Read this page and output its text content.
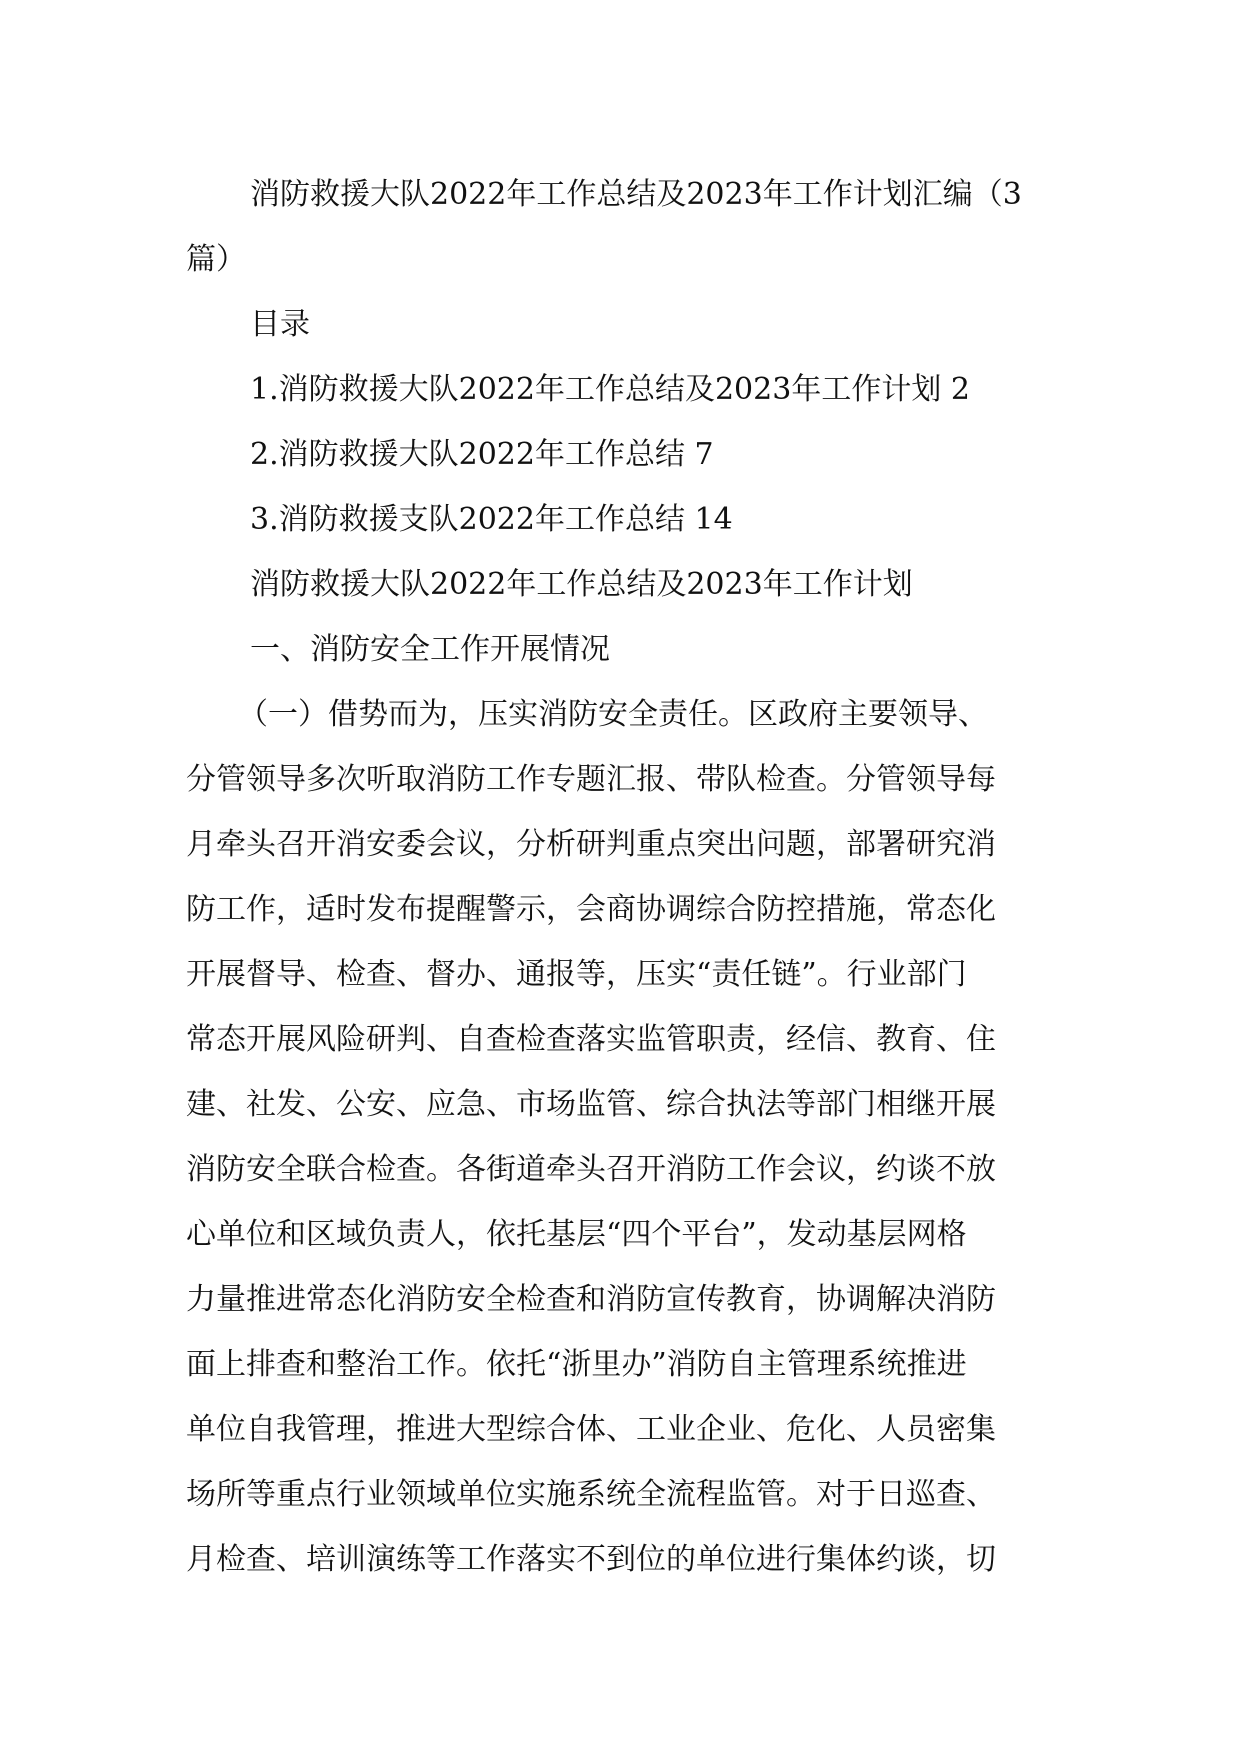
消防救援大队2022年工作总结及2023年工作计划汇编（3
篇）
目录
1.消防救援大队2022年工作总结及2023年工作计划 2
2.消防救援大队2022年工作总结 7
3.消防救援支队2022年工作总结 14
消防救援大队2022年工作总结及2023年工作计划
一、消防安全工作开展情况
（一）借势而为，压实消防安全责任。区政府主要领导、
分管领导多次听取消防工作专题汇报、带队检查。分管领导每
月牵头召开消安委会议，分析研判重点突出问题，部署研究消
防工作，适时发布提醒警示，会商协调综合防控措施，常态化
开展督导、检查、督办、通报等，压实“责任链”。行业部门
常态开展风险研判、自查检查落实监管职责，经信、教育、住
建、社发、公安、应急、市场监管、综合执法等部门相继开展
消防安全联合检查。各街道牵头召开消防工作会议，约谈不放
心单位和区域负责人，依托基层“四个平台”，发动基层网格
力量推进常态化消防安全检查和消防宣传教育，协调解决消防
面上排查和整治工作。依托“浙里办”消防自主管理系统推进
单位自我管理，推进大型综合体、工业企业、危化、人员密集
场所等重点行业领域单位实施系统全流程监管。对于日巡查、
月检查、培训演练等工作落实不到位的单位进行集体约谈，切
